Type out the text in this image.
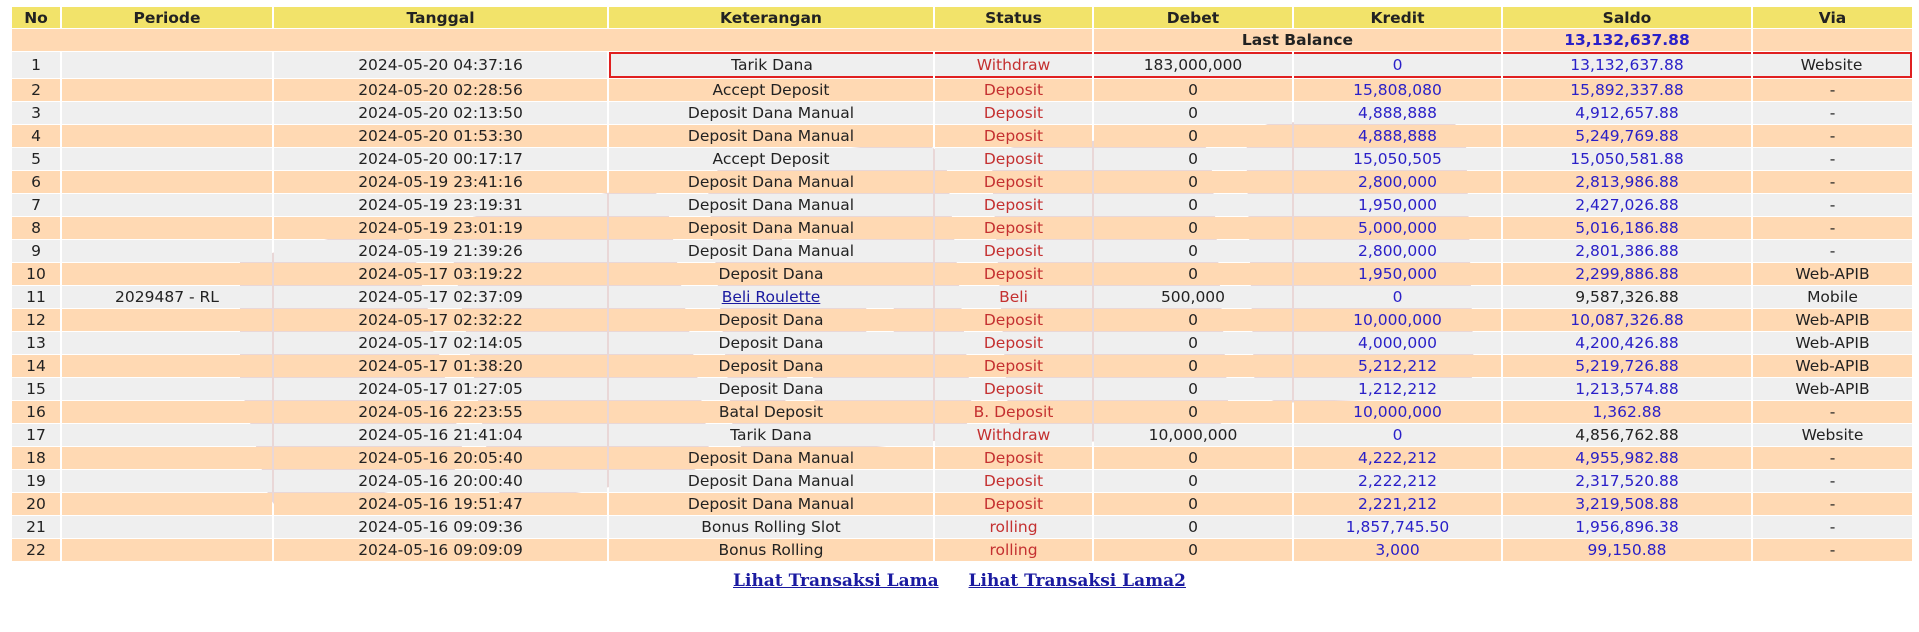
No	Periode	Tanggal	Keterangan	Status	Debet	Kredit	Saldo	Via
					Last Balance		13,132,637.88	
1		2024-05-20 04:37:16	Tarik Dana	Withdraw	183,000,000	0	13,132,637.88	Website
2		2024-05-20 02:28:56	Accept Deposit	Deposit	0	15,808,080	15,892,337.88	-
3		2024-05-20 02:13:50	Deposit Dana Manual	Deposit	0	4,888,888	4,912,657.88	-
4		2024-05-20 01:53:30	Deposit Dana Manual	Deposit	0	4,888,888	5,249,769.88	-
5		2024-05-20 00:17:17	Accept Deposit	Deposit	0	15,050,505	15,050,581.88	-
6		2024-05-19 23:41:16	Deposit Dana Manual	Deposit	0	2,800,000	2,813,986.88	-
7		2024-05-19 23:19:31	Deposit Dana Manual	Deposit	0	1,950,000	2,427,026.88	-
8		2024-05-19 23:01:19	Deposit Dana Manual	Deposit	0	5,000,000	5,016,186.88	-
9		2024-05-19 21:39:26	Deposit Dana Manual	Deposit	0	2,800,000	2,801,386.88	-
10		2024-05-17 03:19:22	Deposit Dana	Deposit	0	1,950,000	2,299,886.88	Web-APIB
11	2029487 - RL	2024-05-17 02:37:09	Beli Roulette	Beli	500,000	0	9,587,326.88	Mobile
12		2024-05-17 02:32:22	Deposit Dana	Deposit	0	10,000,000	10,087,326.88	Web-APIB
13		2024-05-17 02:14:05	Deposit Dana	Deposit	0	4,000,000	4,200,426.88	Web-APIB
14		2024-05-17 01:38:20	Deposit Dana	Deposit	0	5,212,212	5,219,726.88	Web-APIB
15		2024-05-17 01:27:05	Deposit Dana	Deposit	0	1,212,212	1,213,574.88	Web-APIB
16		2024-05-16 22:23:55	Batal Deposit	B. Deposit	0	10,000,000	1,362.88	-
17		2024-05-16 21:41:04	Tarik Dana	Withdraw	10,000,000	0	4,856,762.88	Website
18		2024-05-16 20:05:40	Deposit Dana Manual	Deposit	0	4,222,212	4,955,982.88	-
19		2024-05-16 20:00:40	Deposit Dana Manual	Deposit	0	2,222,212	2,317,520.88	-
20		2024-05-16 19:51:47	Deposit Dana Manual	Deposit	0	2,221,212	3,219,508.88	-
21		2024-05-16 09:09:36	Bonus Rolling Slot	rolling	0	1,857,745.50	1,956,896.38	-
22		2024-05-16 09:09:09	Bonus Rolling	rolling	0	3,000	99,150.88	-
Lihat Transaksi Lama Lihat Transaksi Lama2
